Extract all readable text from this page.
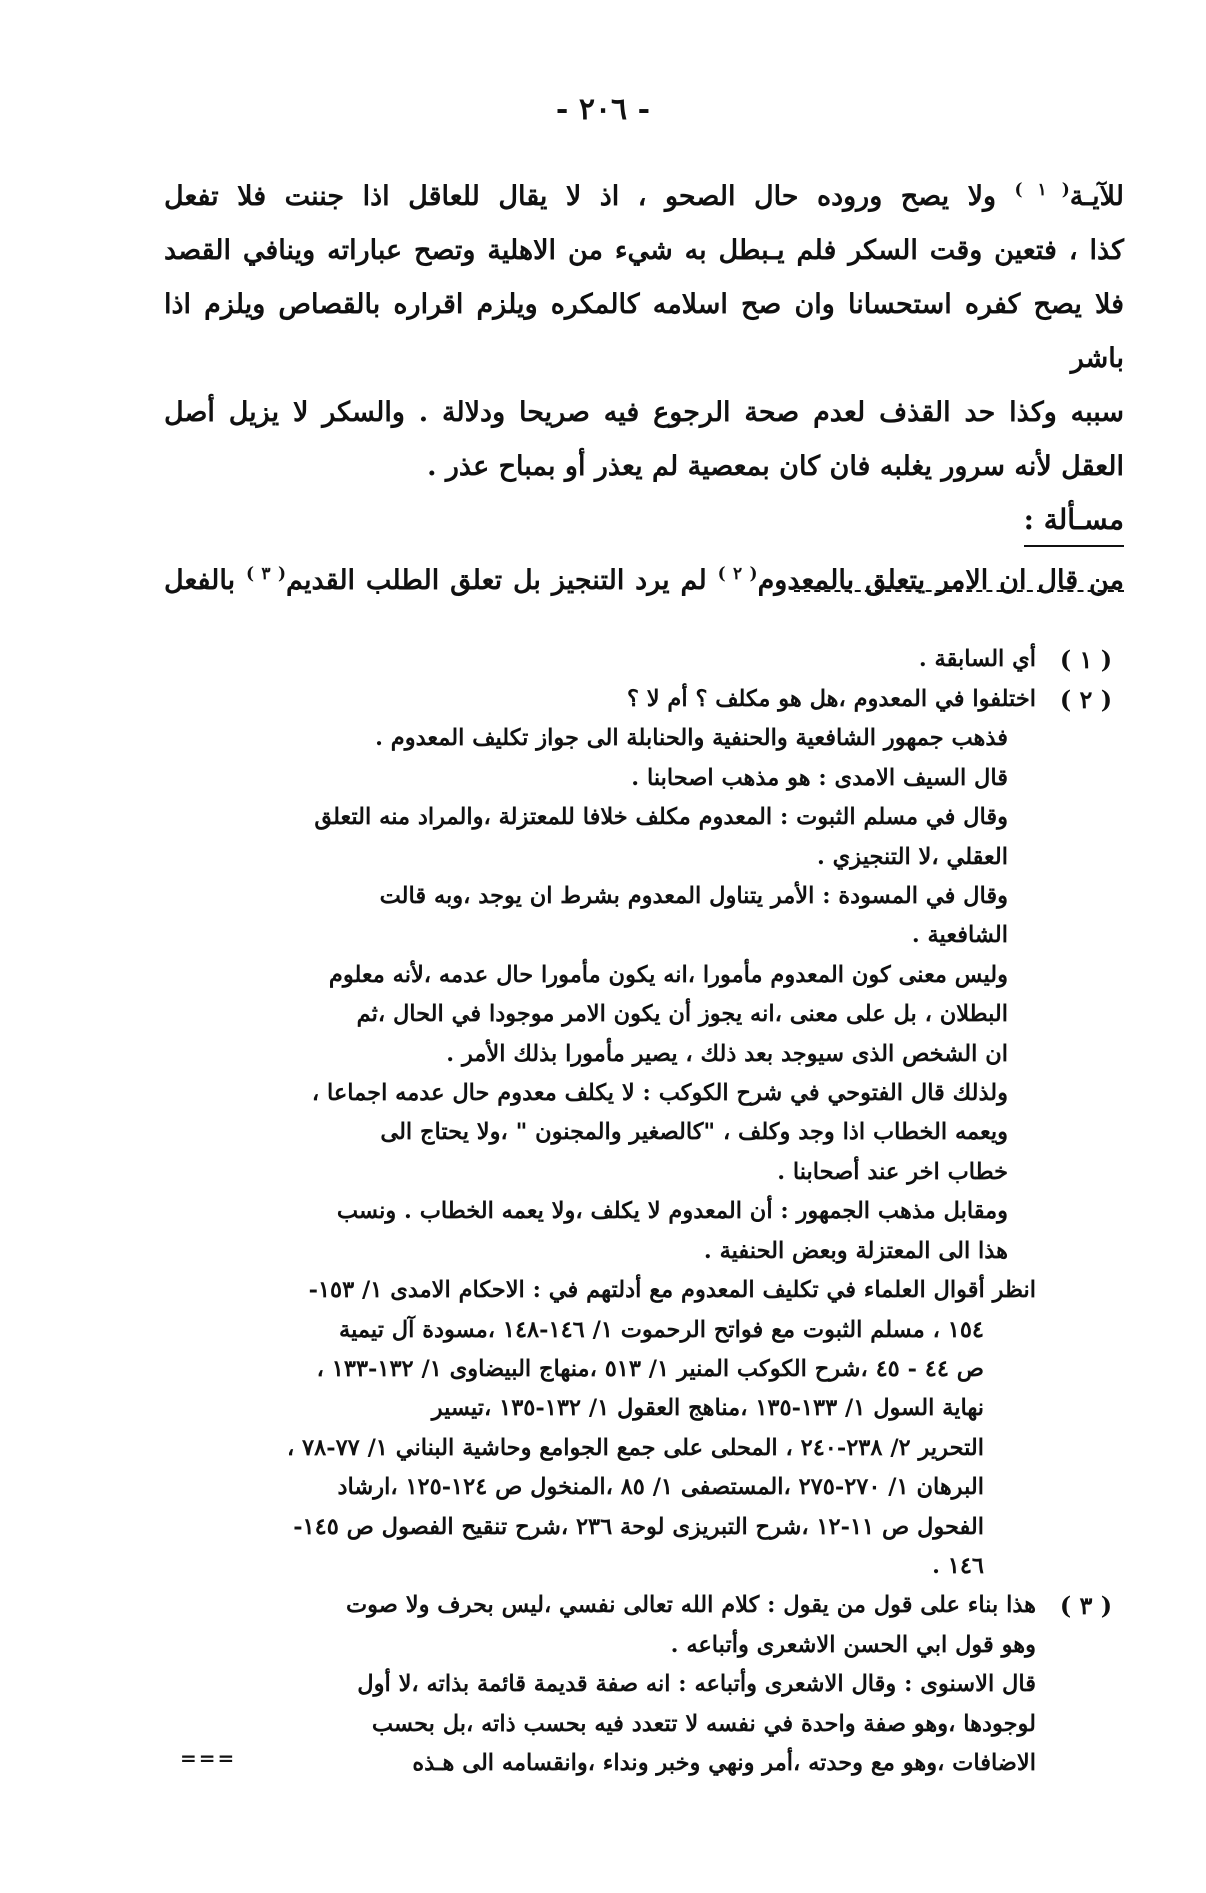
- ٢٠٦ -

للآيـة$^{( ١ )}$ ولا يصح وروده حال الصحو ، اذ لا يقال للعاقل اذا جننت فلا تفعل

كذا ، فتعين وقت السكر فلم يـبطل به شيء من الاهلية وتصح عباراته وينافي القصد

فلا يصح كفره استحسانا وان صح اسلامه كالمكره ويلزم اقراره بالقصاص ويلزم اذا باشر

سببه وكذا حد القذف لعدم صحة الرجوع فيه صريحا ودلالة . والسكر لا يزيل أصل

العقل لأنه سرور يغلبه فان كان بمعصية لم يعذر أو بمباح عذر .

مسـألة :

من قال ان الامر يتعلق بالمعدوم$^{( ٢ )}$ لم يرد التنجيز بل تعلق الطلب القديم$^{( ٣ )}$ بالفعل

( ١ )
أي السابقة .
( ٢ )
اختلفوا في المعدوم ،هل هو مكلف ؟ أم لا ؟
فذهب جمهور الشافعية والحنفية والحنابلة الى جواز تكليف المعدوم .
قال السيف الامدى : هو مذهب اصحابنا .
وقال في مسلم الثبوت : المعدوم مكلف خلافا للمعتزلة ،والمراد منه التعلق
العقلي ،لا التنجيزي .
وقال في المسودة : الأمر يتناول المعدوم بشرط ان يوجد ،وبه قالت
الشافعية .
وليس معنى كون المعدوم مأمورا ،انه يكون مأمورا حال عدمه ،لأنه معلوم
البطلان ، بل على معنى ،انه يجوز أن يكون الامر موجودا في الحال ،ثم
ان الشخص الذى سيوجد بعد ذلك ، يصير مأمورا بذلك الأمر .
ولذلك قال الفتوحي في شرح الكوكب : لا يكلف معدوم حال عدمه اجماعا ،
ويعمه الخطاب اذا وجد وكلف ، "كالصغير والمجنون " ،ولا يحتاج الى
خطاب اخر عند أصحابنا .
ومقابل مذهب الجمهور : أن المعدوم لا يكلف ،ولا يعمه الخطاب . ونسب
هذا الى المعتزلة وبعض الحنفية .
انظر أقوال العلماء في تكليف المعدوم مع أدلتهم في : الاحكام الامدى ١/ ١٥٣-
١٥٤ ، مسلم الثبوت مع فواتح الرحموت ١/ ١٤٦-١٤٨ ،مسودة آل تيمية
ص ٤٤ - ٤٥ ،شرح الكوكب المنير ١/ ٥١٣ ،منهاج البيضاوى ١/ ١٣٢-١٣٣ ،
نهاية السول ١/ ١٣٣-١٣٥ ،مناهج العقول ١/ ١٣٢-١٣٥ ،تيسير
التحرير ٢/ ٢٣٨-٢٤٠ ، المحلى على جمع الجوامع وحاشية البناني ١/ ٧٧-٧٨ ،
البرهان ١/ ٢٧٠-٢٧٥ ،المستصفى ١/ ٨٥ ،المنخول ص ١٢٤-١٢٥ ،ارشاد
الفحول ص ١١-١٢ ،شرح التبريزى لوحة ٢٣٦ ،شرح تنقيح الفصول ص ١٤٥-
١٤٦ .
( ٣ )
هذا بناء على قول من يقول : كلام الله تعالى نفسي ،ليس بحرف ولا صوت
وهو قول ابي الحسن الاشعرى وأتباعه .
قال الاسنوى : وقال الاشعرى وأتباعه : انه صفة قديمة قائمة بذاته ،لا أول
لوجودها ،وهو صفة واحدة في نفسه لا تتعدد فيه بحسب ذاته ،بل بحسب
الاضافات ،وهو مع وحدته ،أمر ونهي وخبر ونداء ،وانقسامه الى هـذه
===
